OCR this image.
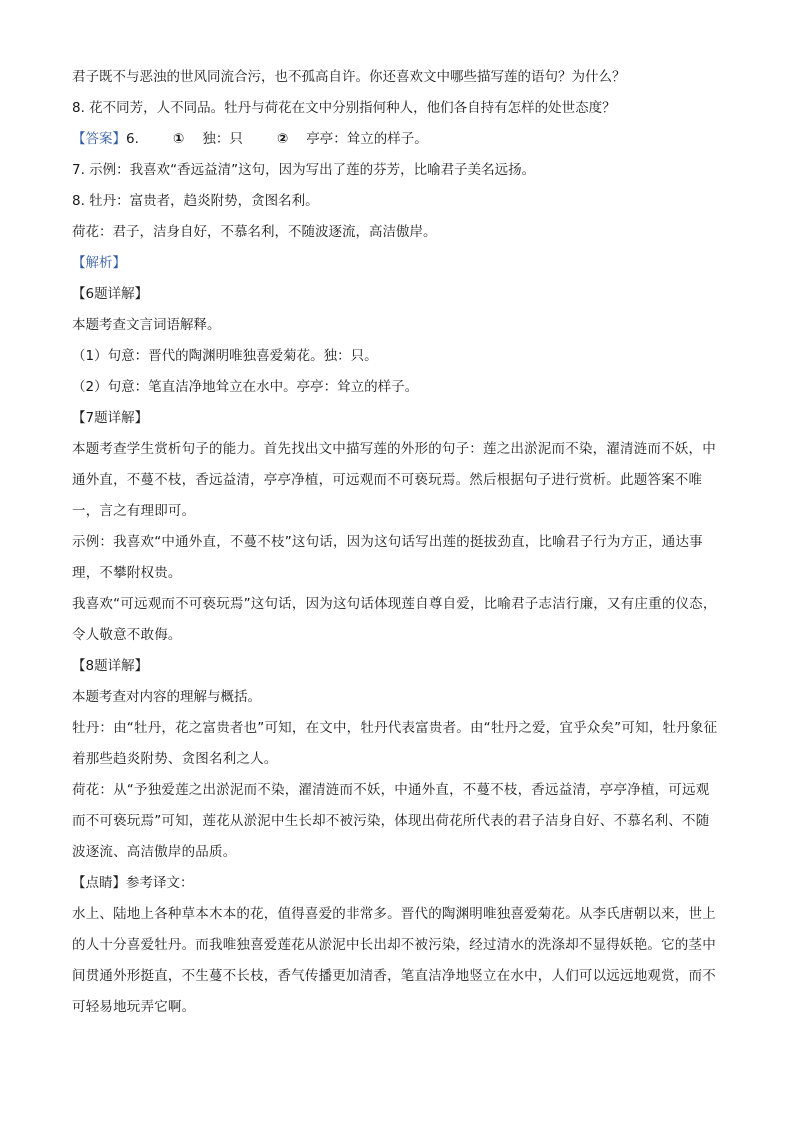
君子既不与恶浊的世风同流合污，也不孤高自许。你还喜欢文中哪些描写莲的语句？为什么？
8. 花不同芳，人不同品。牡丹与荷花在文中分别指何种人，他们各自持有怎样的处世态度？
【答案】6.	① 独：只	② 亭亭：耸立的样子。
7. 示例：我喜欢“香远益清”这句，因为写出了莲的芬芳，比喻君子美名远扬。
8. 牡丹：富贵者，趋炎附势，贪图名利。
荷花：君子，洁身自好，不慕名利，不随波逐流，高洁傲岸。
【解析】
【6题详解】
本题考查文言词语解释。
（1）句意：晋代的陶渊明唯独喜爱菊花。独：只。
（2）句意：笔直洁净地耸立在水中。亭亭：耸立的样子。
【7题详解】
本题考查学生赏析句子的能力。首先找出文中描写莲的外形的句子：莲之出淤泥而不染，濯清涟而不妖，中通外直，不蔓不枝，香远益清，亭亭净植，可远观而不可亵玩焉。然后根据句子进行赏析。此题答案不唯一，言之有理即可。
示例：我喜欢“中通外直，不蔓不枝”这句话，因为这句话写出莲的挺拔劲直，比喻君子行为方正，通达事理，不攀附权贵。
我喜欢“可远观而不可亵玩焉”这句话，因为这句话体现莲自尊自爱，比喻君子志洁行廉，又有庄重的仪态，令人敬意不敢侮。
【8题详解】
本题考查对内容的理解与概括。
牡丹：由“牡丹，花之富贵者也”可知，在文中，牡丹代表富贵者。由“牡丹之爱，宜乎众矣”可知，牡丹象征着那些趋炎附势、贪图名利之人。
荷花：从“予独爱莲之出淤泥而不染，濯清涟而不妖，中通外直，不蔓不枝，香远益清，亭亭净植，可远观而不可亵玩焉”可知，莲花从淤泥中生长却不被污染，体现出荷花所代表的君子洁身自好、不慕名利、不随波逐流、高洁傲岸的品质。
【点睛】参考译文：
水上、陆地上各种草本木本的花，值得喜爱的非常多。晋代的陶渊明唯独喜爱菊花。从李氏唐朝以来，世上的人十分喜爱牡丹。而我唯独喜爱莲花从淤泥中长出却不被污染，经过清水的洗涤却不显得妖艳。它的茎中间贯通外形挺直，不生蔓不长枝，香气传播更加清香，笔直洁净地竖立在水中，人们可以远远地观赏，而不可轻易地玩弄它啊。
